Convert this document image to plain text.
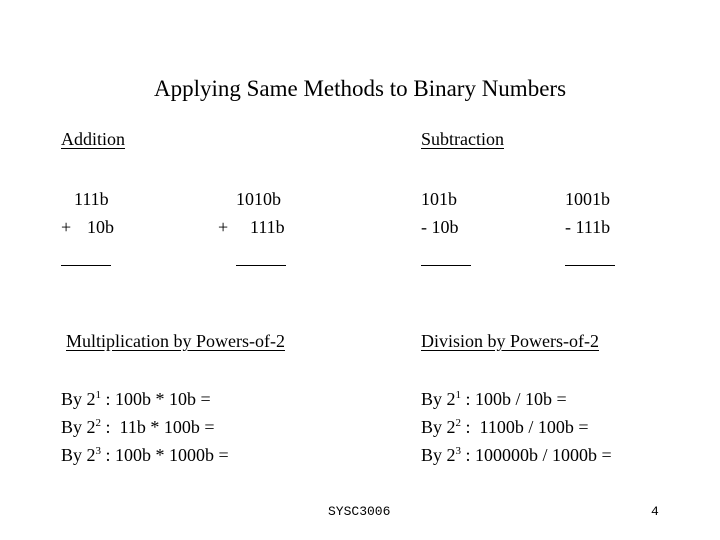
Applying Same Methods to Binary Numbers
Addition
111b
+ 10b
1010b
+ 111b
Subtraction
101b
- 10b
1001b
- 111b
Multiplication by Powers-of-2
By $2^1$ : 100b * 10b =
By $2^2$ :  11b * 100b =
By $2^3$ : 100b * 1000b =
Division by Powers-of-2
By $2^1$ : 100b / 10b =
By $2^2$ :  1100b / 100b =
By $2^3$ : 100000b / 1000b =
SYSC3006	4
